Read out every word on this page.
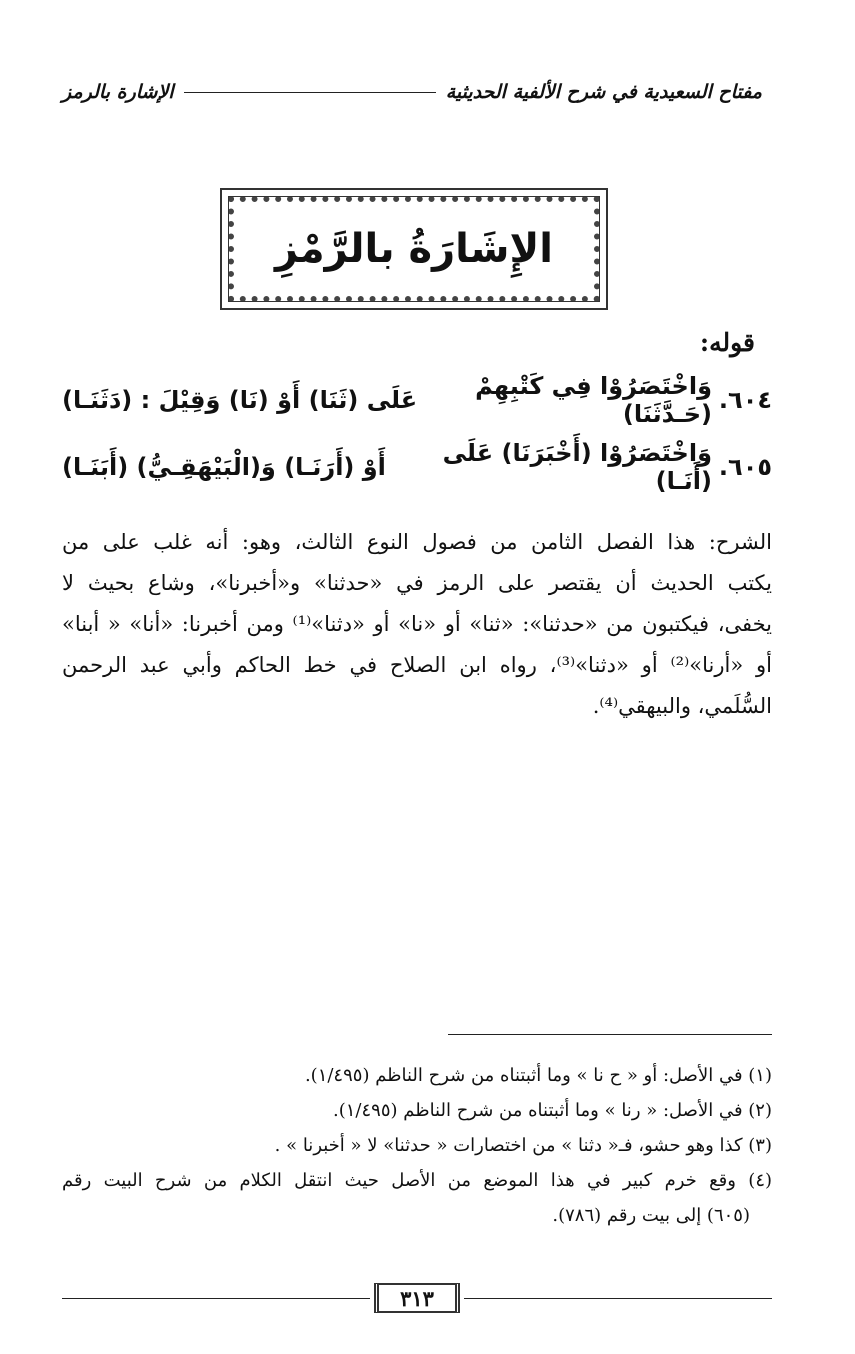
مفتاح السعيدية في شرح الألفية الحديثية
الإشارة بالرمز
الإِشَارَةُ بالرَّمْزِ
قوله:
٦٠٤.
وَاخْتَصَرُوْا فِي كَتْبِهِمْ (حَـدَّثَنَا)
عَلَى (ثَنَا) أَوْ (نَا) وَقِيْلَ : (دَثَنَـا)
٦٠٥.
وَاخْتَصَرُوْا (أَخْبَرَنَا) عَلَى (أَنَـا)
أَوْ (أَرَنَـا) وَ(الْبَيْهَقِـيُّ) (أَبَنَـا)
الشرح: هذا الفصل الثامن من فصول النوع الثالث، وهو: أنه غلب على من
يكتب الحديث أن يقتصر على الرمز في «حدثنا» و«أخبرنا»، وشاع بحيث لا
يخفى، فيكتبون من «حدثنا»: «ثنا» أو «نا» أو «دثنا»⁽¹⁾ ومن أخبرنا: «أنا» « أبنا»
أو «أرنا»⁽²⁾ أو «دثنا»⁽³⁾، رواه ابن الصلاح في خط الحاكم وأبي عبد الرحمن
السُّلَمي، والبيهقي⁽⁴⁾.
(١) في الأصل: أو « ح نا » وما أثبتناه من شرح الناظم (١/٤٩٥).
(٢) في الأصل: « رنا » وما أثبتناه من شرح الناظم (١/٤٩٥).
(٣) كذا وهو حشو، فـ« دثنا » من اختصارات « حدثنا» لا « أخبرنا » .
(٤) وقع خرم كبير في هذا الموضع من الأصل حيث انتقل الكلام من شرح البيت رقم
(٦٠٥) إلى بيت رقم (٧٨٦).
٣١٣
